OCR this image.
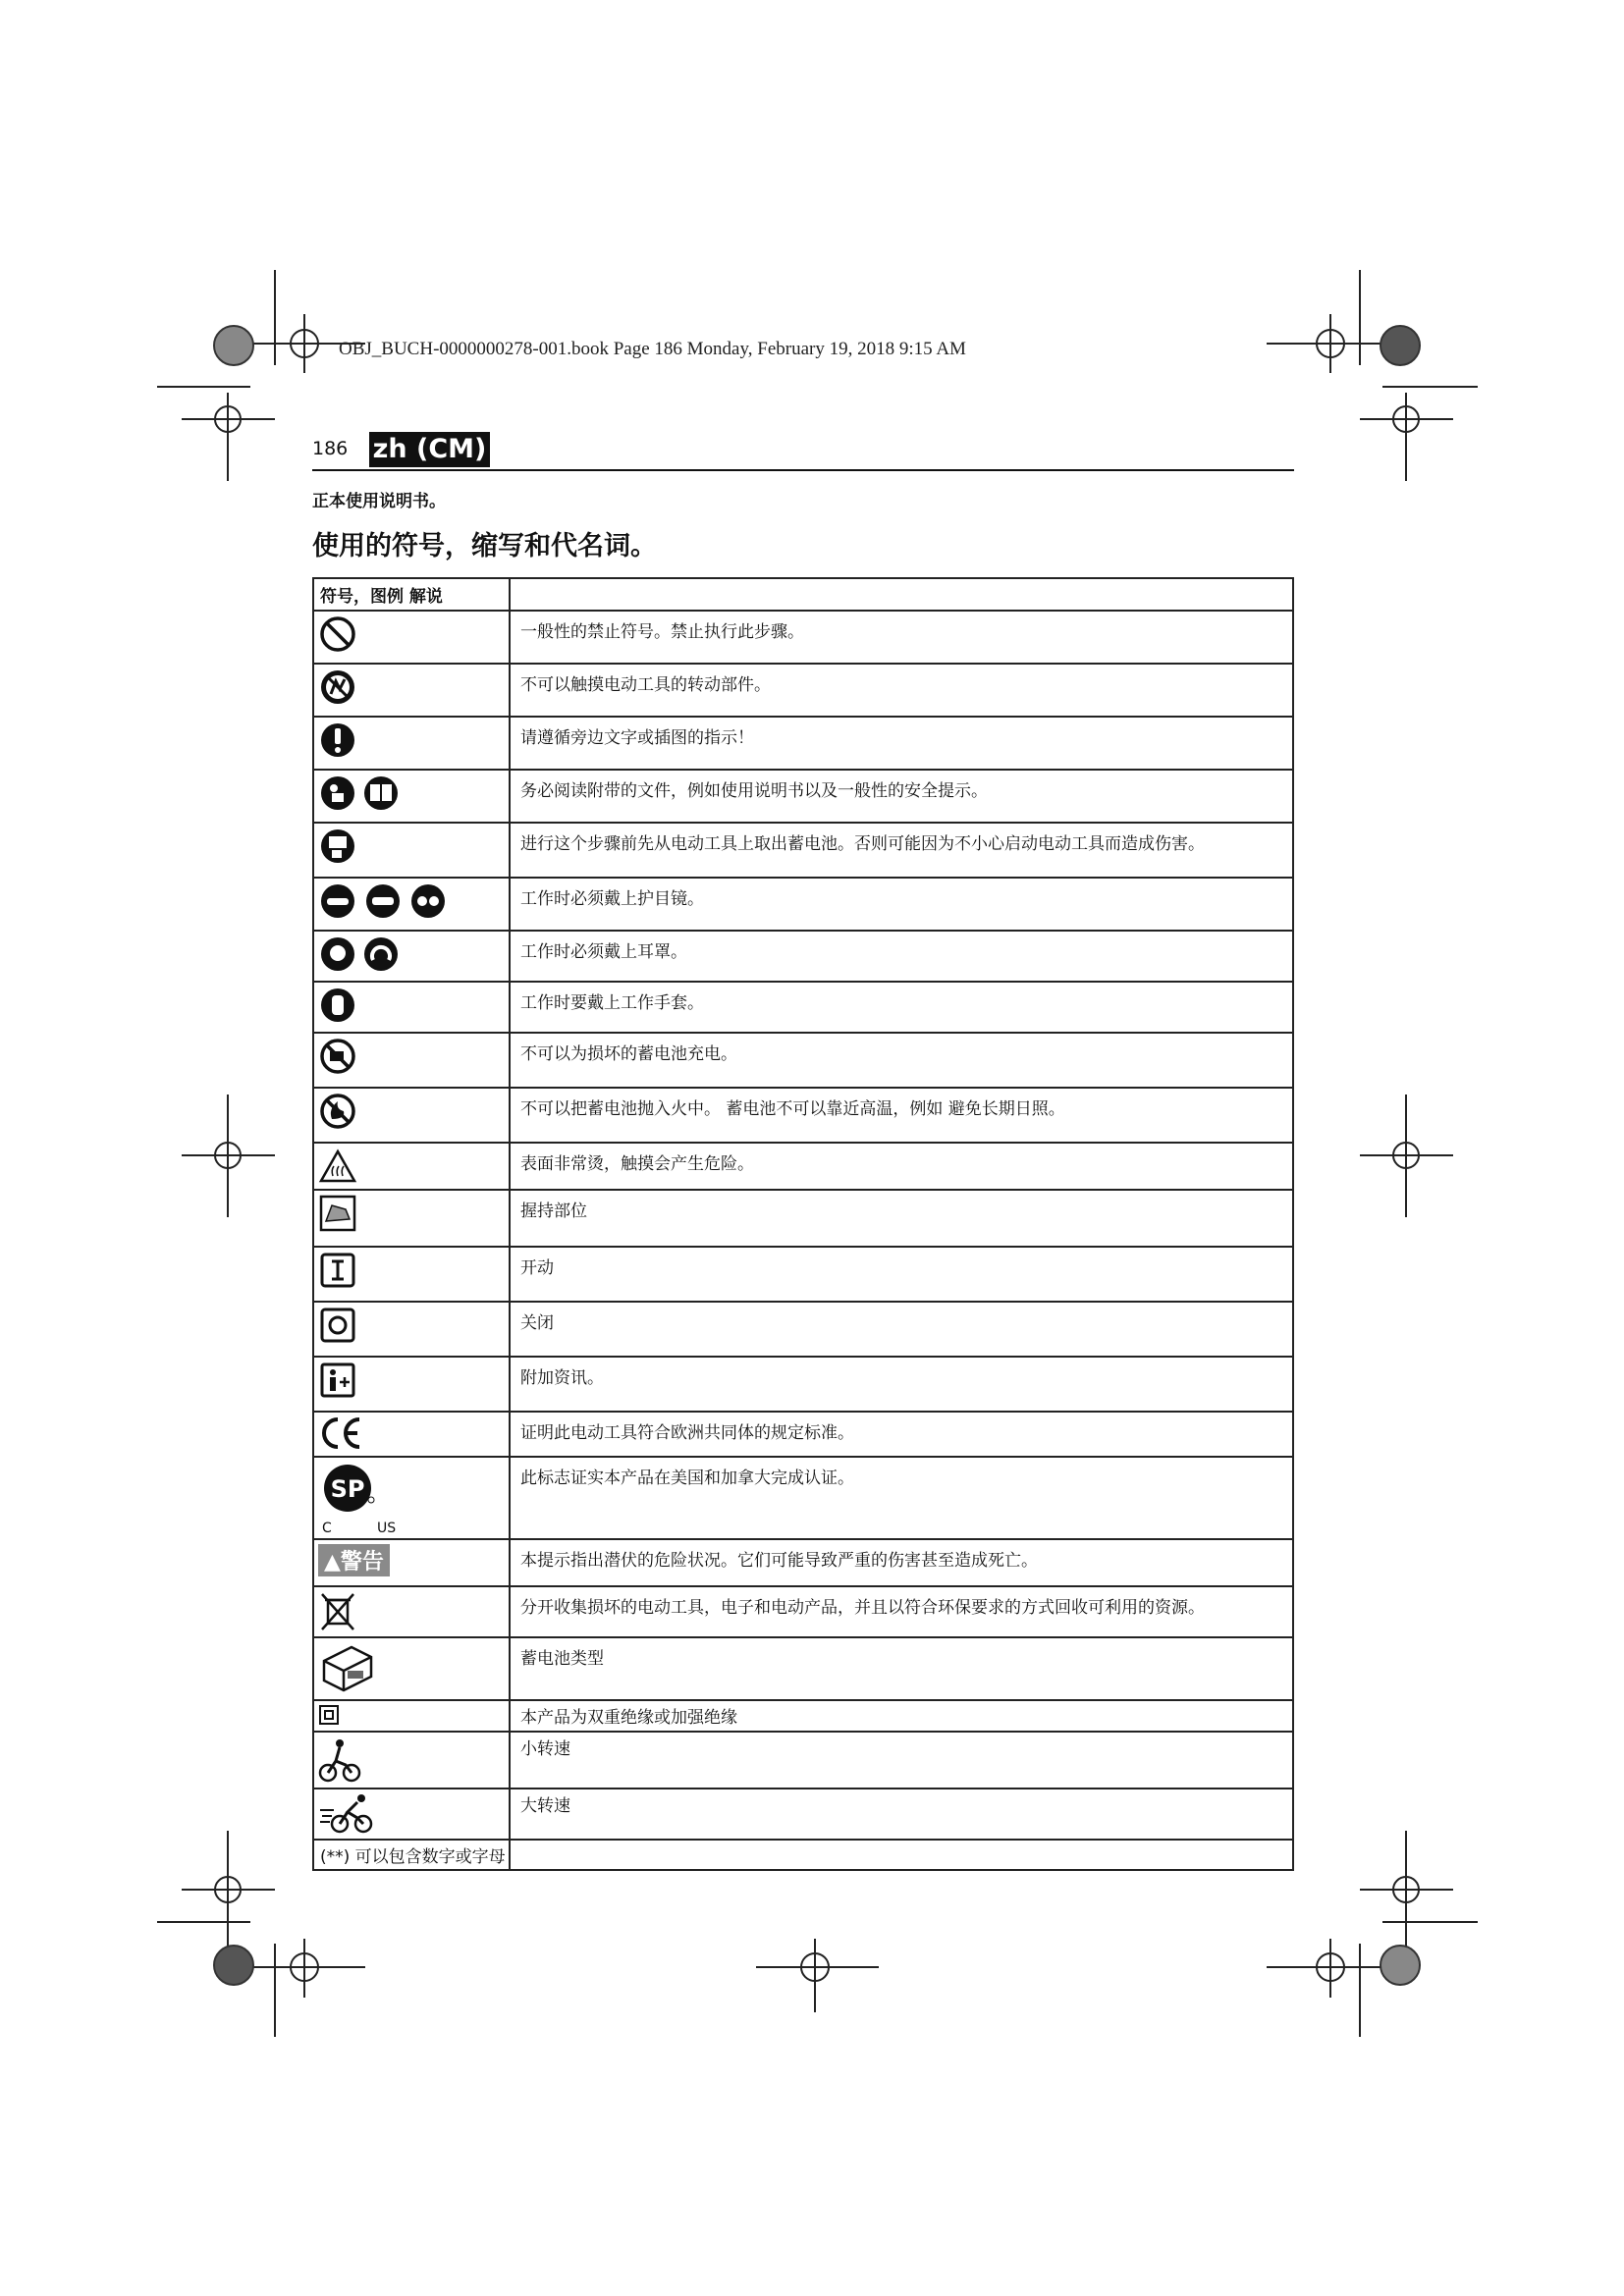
OBJ_BUCH-0000000278-001.book Page 186 Monday, February 19, 2018 9:15 AM
186 zh (CM)
正本使用说明书。
使用的符号，缩写和代名词。
符号，图例 解说	
	一般性的禁止符号。禁止执行此步骤。
	不可以触摸电动工具的转动部件。
	请遵循旁边文字或插图的指示！
	务必阅读附带的文件，例如使用说明书以及一般性的安全提示。
	进行这个步骤前先从电动工具上取出蓄电池。否则可能因为不小心启动电动工具而造成伤害。
	工作时必须戴上护目镜。
	工作时必须戴上耳罩。
	工作时要戴上工作手套。
	不可以为损坏的蓄电池充电。
	不可以把蓄电池抛入火中。 蓄电池不可以靠近高温，例如 避免长期日照。
	表面非常烫，触摸会产生危险。
	握持部位
	开动
	关闭
	附加资讯。
	证明此电动工具符合欧洲共同体的规定标准。

SP
C US	此标志证实本产品在美国和加拿大完成认证。
▲警告	本提示指出潜伏的危险状况。它们可能导致严重的伤害甚至造成死亡。
	分开收集损坏的电动工具，电子和电动产品，并且以符合环保要求的方式回收可利用的资源。
	蓄电池类型
	本产品为双重绝缘或加强绝缘
	小转速
	大转速
(**) 可以包含数字或字母	
